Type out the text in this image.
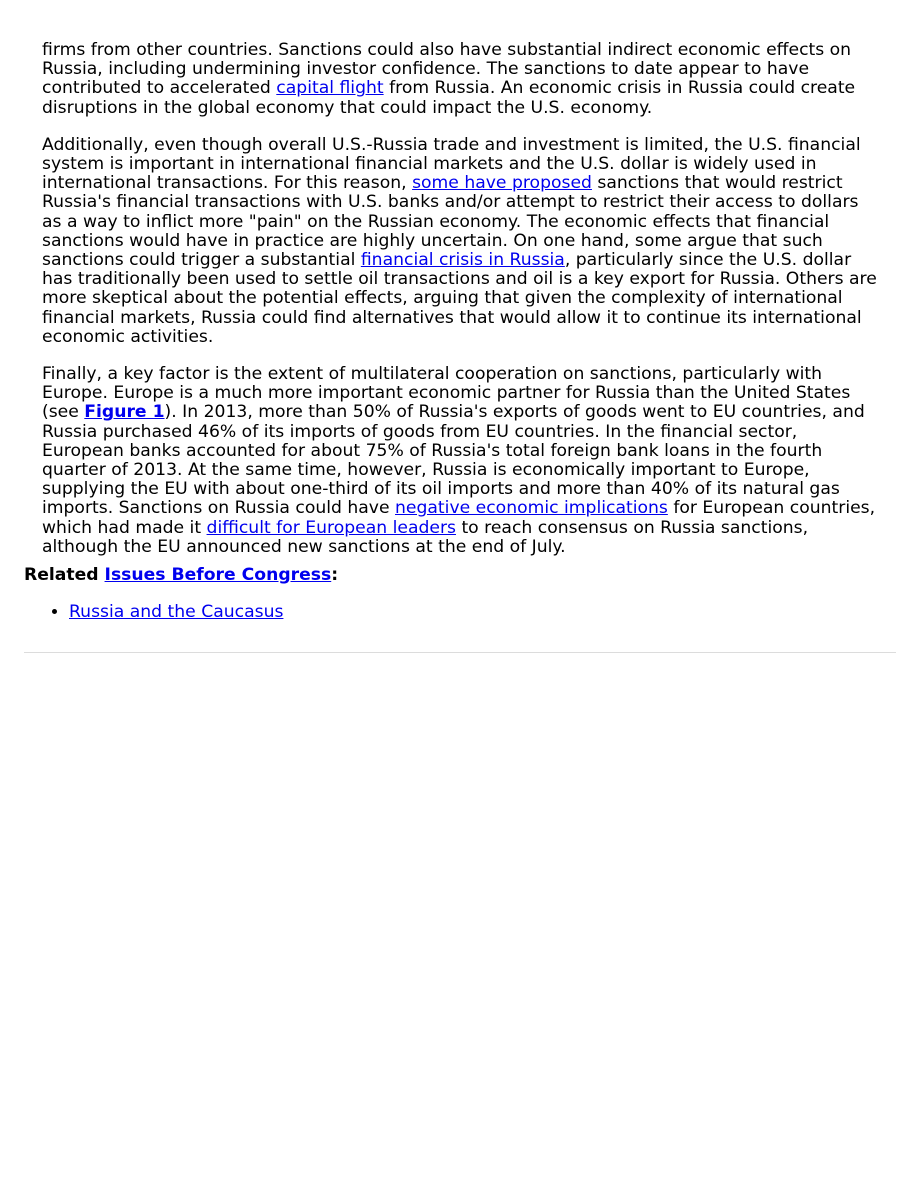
firms from other countries. Sanctions could also have substantial indirect economic effects on Russia, including undermining investor confidence. The sanctions to date appear to have contributed to accelerated capital flight from Russia. An economic crisis in Russia could create disruptions in the global economy that could impact the U.S. economy.

Additionally, even though overall U.S.-Russia trade and investment is limited, the U.S. financial system is important in international financial markets and the U.S. dollar is widely used in international transactions. For this reason, some have proposed sanctions that would restrict Russia's financial transactions with U.S. banks and/or attempt to restrict their access to dollars as a way to inflict more "pain" on the Russian economy. The economic effects that financial sanctions would have in practice are highly uncertain. On one hand, some argue that such sanctions could trigger a substantial financial crisis in Russia, particularly since the U.S. dollar has traditionally been used to settle oil transactions and oil is a key export for Russia. Others are more skeptical about the potential effects, arguing that given the complexity of international financial markets, Russia could find alternatives that would allow it to continue its international economic activities.

Finally, a key factor is the extent of multilateral cooperation on sanctions, particularly with Europe. Europe is a much more important economic partner for Russia than the United States (see Figure 1). In 2013, more than 50% of Russia's exports of goods went to EU countries, and Russia purchased 46% of its imports of goods from EU countries. In the financial sector, European banks accounted for about 75% of Russia's total foreign bank loans in the fourth quarter of 2013. At the same time, however, Russia is economically important to Europe, supplying the EU with about one-third of its oil imports and more than 40% of its natural gas imports. Sanctions on Russia could have negative economic implications for European countries, which had made it difficult for European leaders to reach consensus on Russia sanctions, although the EU announced new sanctions at the end of July.

Related Issues Before Congress:

• Russia and the Caucasus
